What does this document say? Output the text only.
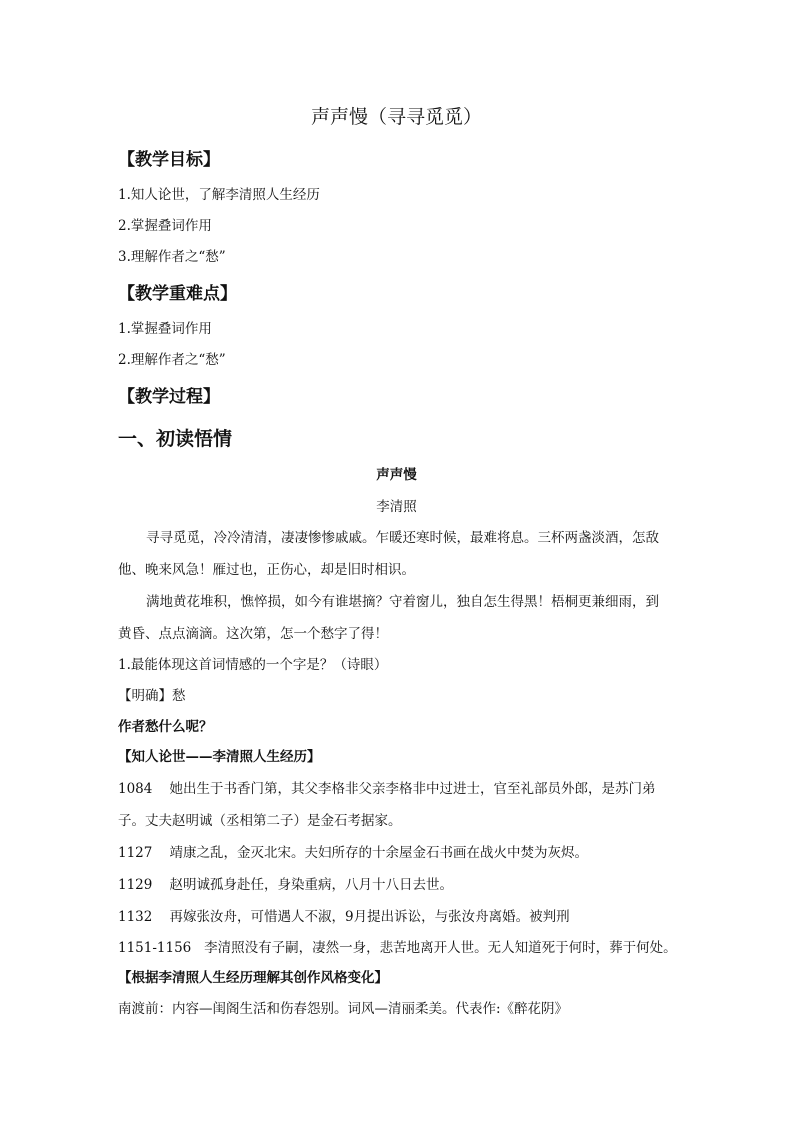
声声慢（寻寻觅觅）
【教学目标】
1.知人论世，了解李清照人生经历
2.掌握叠词作用
3.理解作者之“愁”
【教学重难点】
1.掌握叠词作用
2.理解作者之“愁”
【教学过程】
一、初读悟情
声声慢
李清照
寻寻觅觅，冷冷清清，凄凄惨惨戚戚。乍暖还寒时候，最难将息。三杯两盏淡酒，怎敌
他、晚来风急！雁过也，正伤心，却是旧时相识。
满地黄花堆积，憔悴损，如今有谁堪摘？守着窗儿，独自怎生得黑！梧桐更兼细雨，到
黄昏、点点滴滴。这次第，怎一个愁字了得！
1.最能体现这首词情感的一个字是？（诗眼）
【明确】愁
作者愁什么呢？
【知人论世——李清照人生经历】
1084    她出生于书香门第，其父李格非父亲李格非中过进士，官至礼部员外郎，是苏门弟
子。丈夫赵明诚（丞相第二子）是金石考据家。
1127    靖康之乱，金灭北宋。夫妇所存的十余屋金石书画在战火中焚为灰烬。
1129    赵明诚孤身赴任，身染重病，八月十八日去世。
1132    再嫁张汝舟，可惜遇人不淑，9月提出诉讼，与张汝舟离婚。被判刑
1151-1156   李清照没有子嗣，凄然一身，悲苦地离开人世。无人知道死于何时，葬于何处。
【根据李清照人生经历理解其创作风格变化】
南渡前：内容—闺阁生活和伤春怨别。词风—清丽柔美。代表作:《醉花阴》
